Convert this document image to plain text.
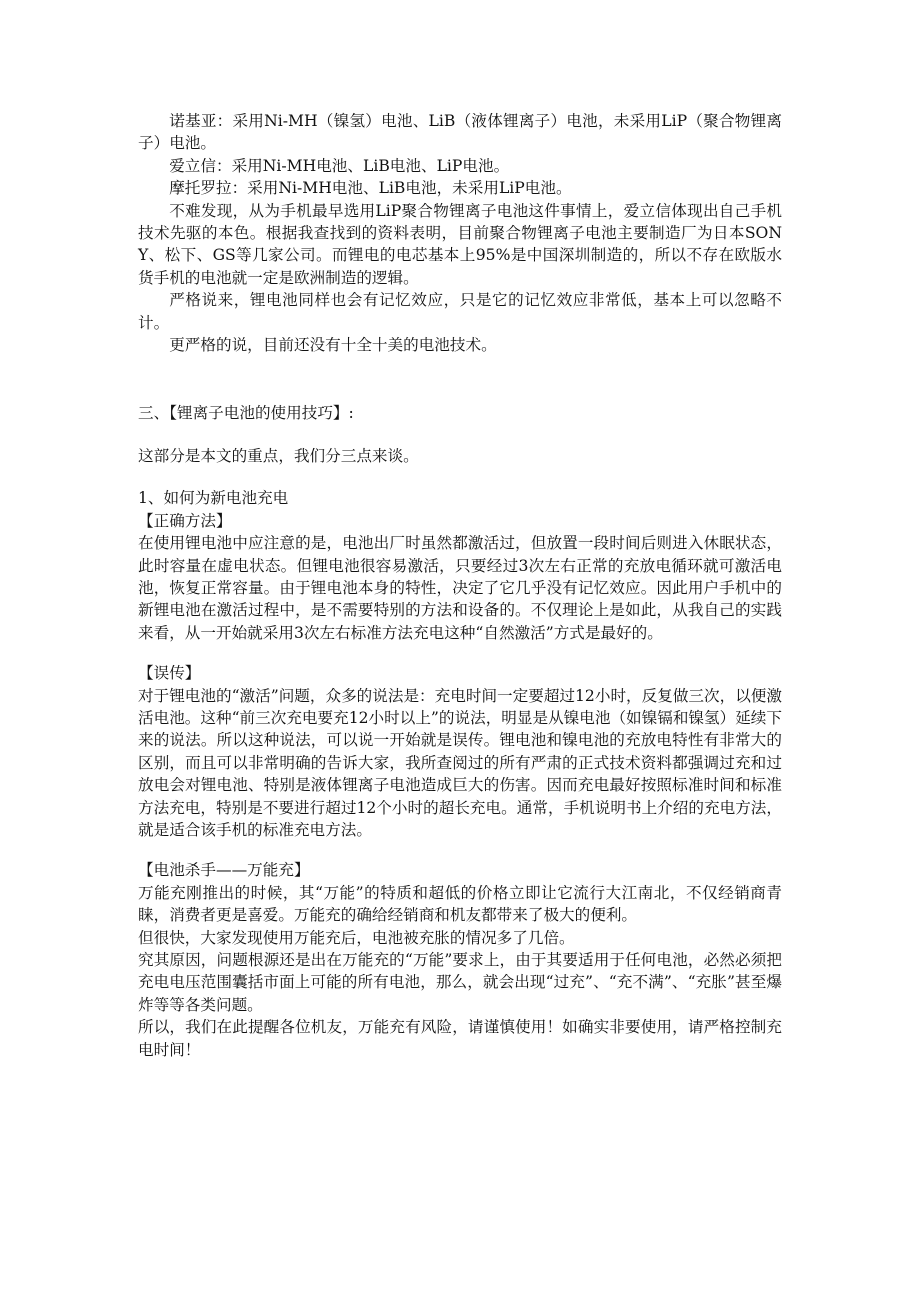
诺基亚：采用Ni-MH（镍氢）电池、LiB（液体锂离子）电池，未采用LiP（聚合物锂离子）电池。

爱立信：采用Ni-MH电池、LiB电池、LiP电池。

摩托罗拉：采用Ni-MH电池、LiB电池，未采用LiP电池。

不难发现，从为手机最早选用LiP聚合物锂离子电池这件事情上，爱立信体现出自己手机技术先驱的本色。根据我查找到的资料表明，目前聚合物锂离子电池主要制造厂为日本SONY、松下、GS等几家公司。而锂电的电芯基本上95%是中国深圳制造的，所以不存在欧版水货手机的电池就一定是欧洲制造的逻辑。

严格说来，锂电池同样也会有记忆效应，只是它的记忆效应非常低，基本上可以忽略不计。

更严格的说，目前还没有十全十美的电池技术。

三、【锂离子电池的使用技巧】:

这部分是本文的重点，我们分三点来谈。

1、如何为新电池充电

【正确方法】

在使用锂电池中应注意的是，电池出厂时虽然都激活过，但放置一段时间后则进入休眠状态，此时容量在虚电状态。但锂电池很容易激活，只要经过3次左右正常的充放电循环就可激活电池，恢复正常容量。由于锂电池本身的特性，决定了它几乎没有记忆效应。因此用户手机中的新锂电池在激活过程中，是不需要特别的方法和设备的。不仅理论上是如此，从我自己的实践来看，从一开始就采用3次左右标准方法充电这种“自然激活”方式是最好的。

【误传】

对于锂电池的“激活”问题，众多的说法是：充电时间一定要超过12小时，反复做三次，以便激活电池。这种“前三次充电要充12小时以上”的说法，明显是从镍电池（如镍镉和镍氢）延续下来的说法。所以这种说法，可以说一开始就是误传。锂电池和镍电池的充放电特性有非常大的区别，而且可以非常明确的告诉大家，我所查阅过的所有严肃的正式技术资料都强调过充和过放电会对锂电池、特别是液体锂离子电池造成巨大的伤害。因而充电最好按照标准时间和标准方法充电，特别是不要进行超过12个小时的超长充电。通常，手机说明书上介绍的充电方法，就是适合该手机的标准充电方法。

【电池杀手——万能充】

万能充刚推出的时候，其“万能”的特质和超低的价格立即让它流行大江南北，不仅经销商青睐，消费者更是喜爱。万能充的确给经销商和机友都带来了极大的便利。

但很快，大家发现使用万能充后，电池被充胀的情况多了几倍。

究其原因，问题根源还是出在万能充的“万能”要求上，由于其要适用于任何电池，必然必须把充电电压范围囊括市面上可能的所有电池，那么，就会出现“过充”、“充不满”、“充胀”甚至爆炸等等各类问题。

所以，我们在此提醒各位机友，万能充有风险，请谨慎使用！如确实非要使用，请严格控制充电时间！
